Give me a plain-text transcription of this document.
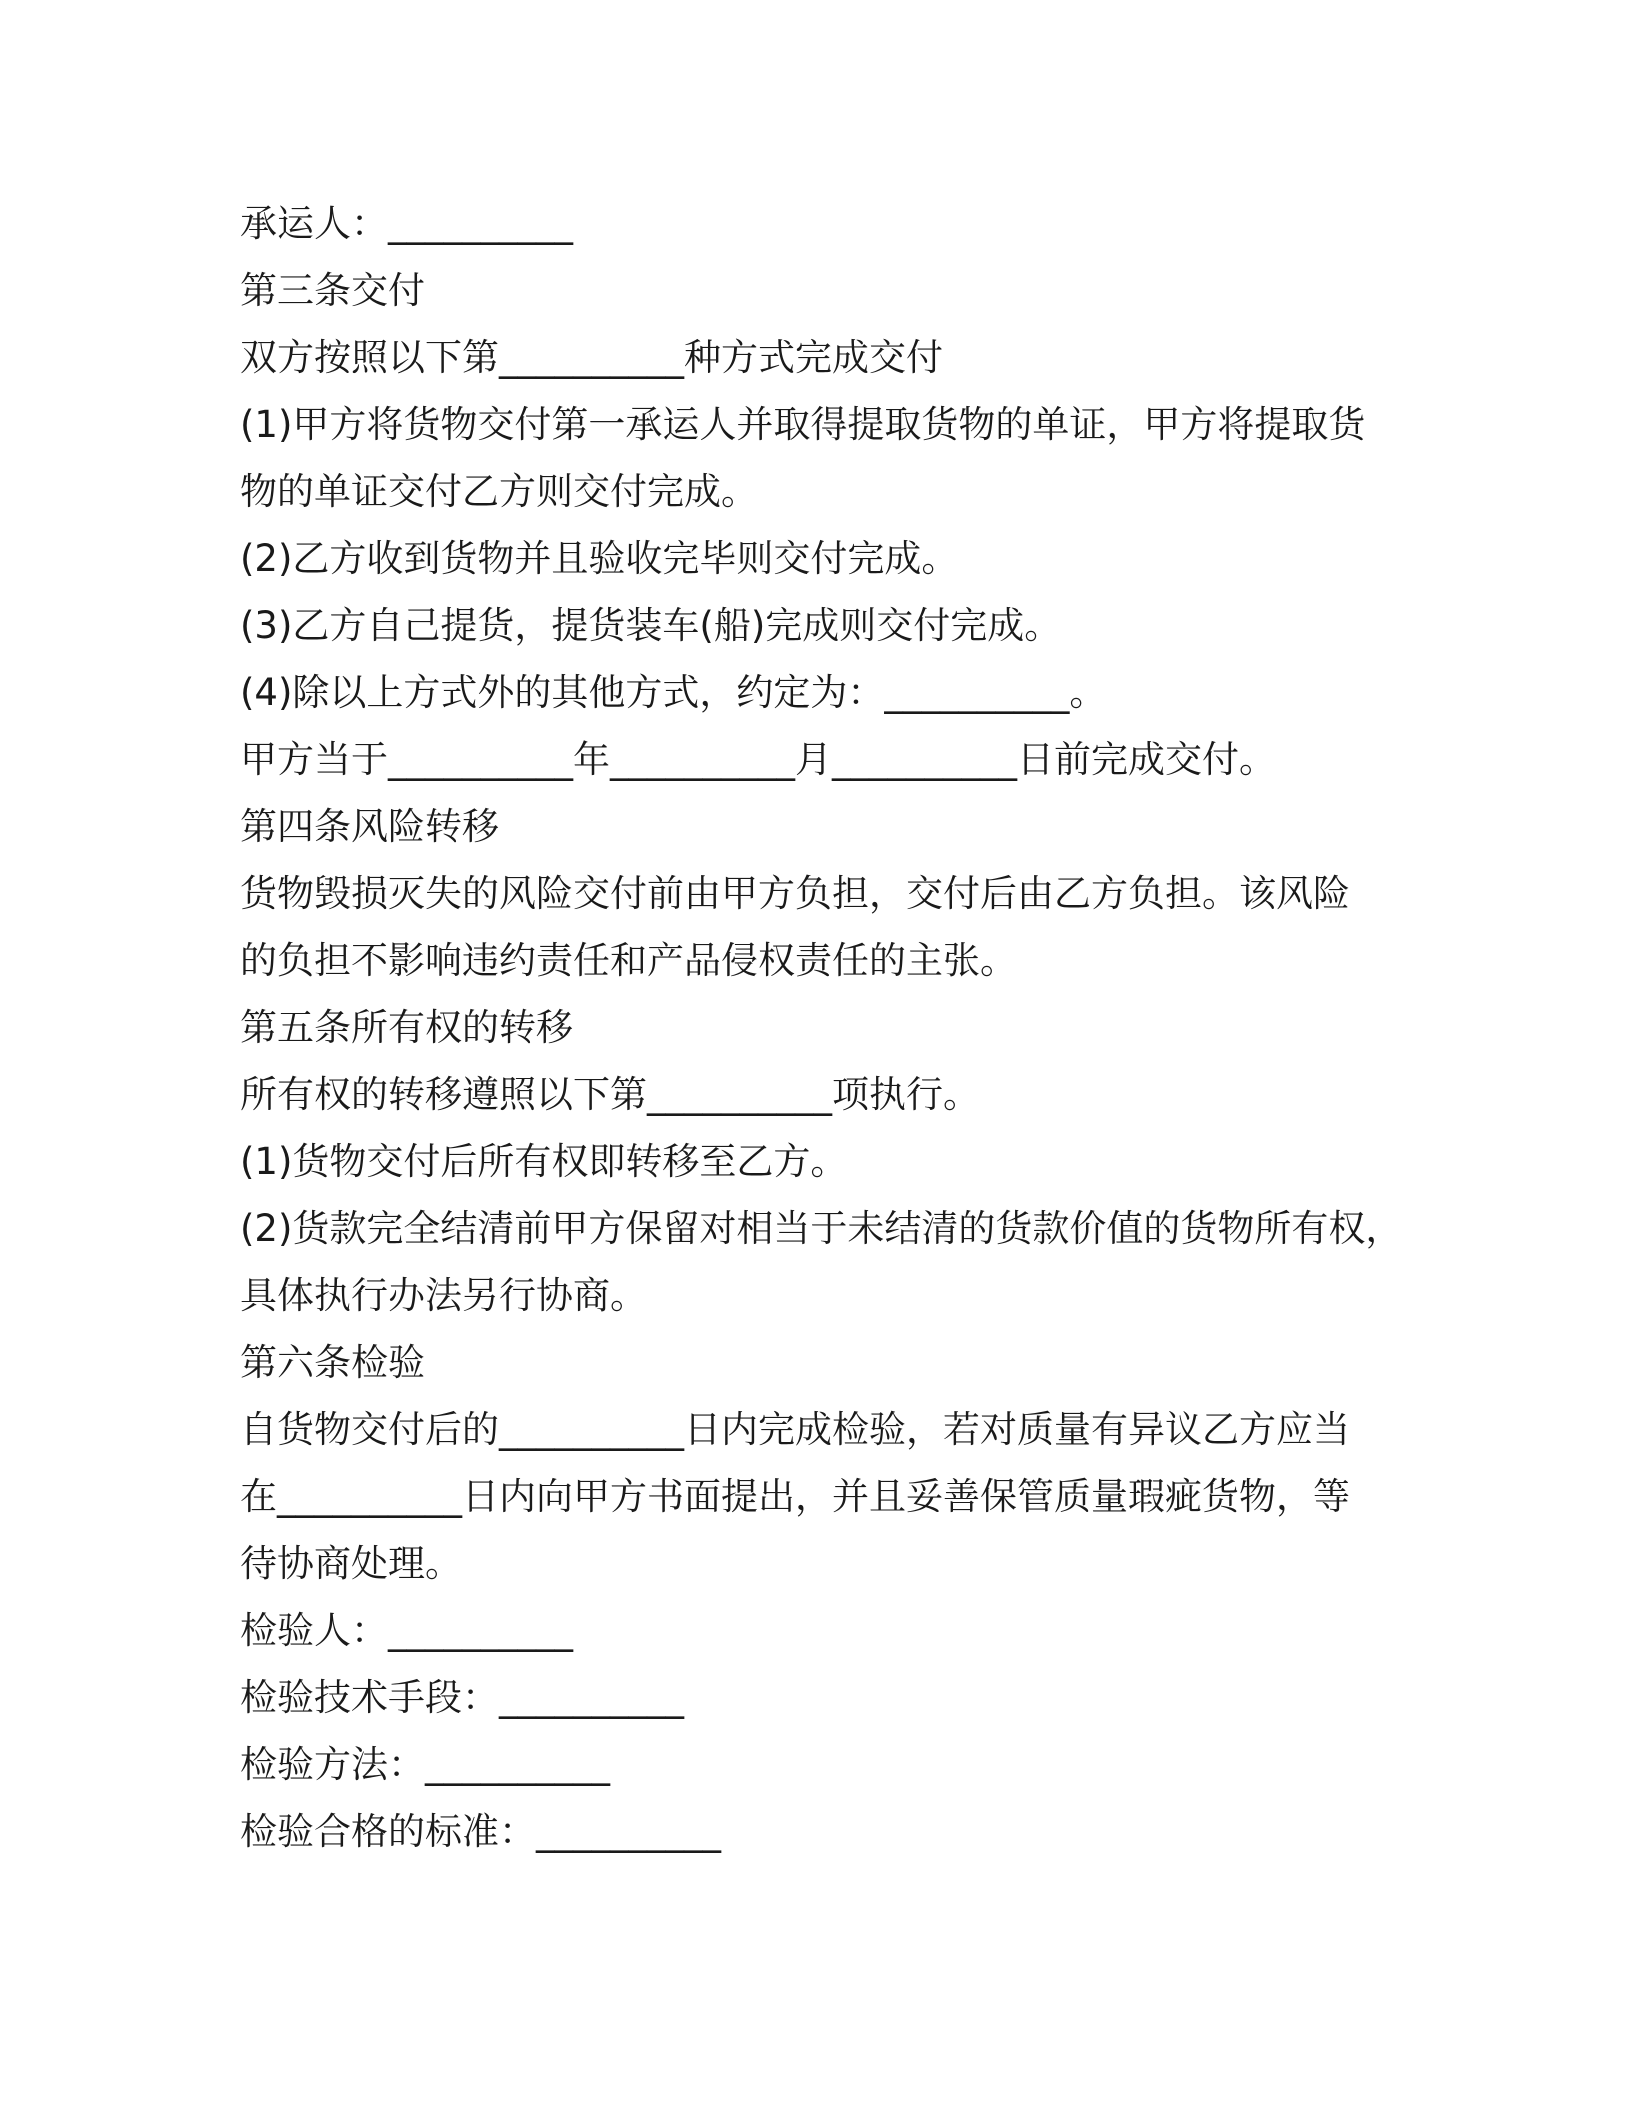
承运人：__________
第三条交付
双方按照以下第__________种方式完成交付
(1)甲方将货物交付第一承运人并取得提取货物的单证，甲方将提取货
物的单证交付乙方则交付完成。
(2)乙方收到货物并且验收完毕则交付完成。
(3)乙方自己提货，提货装车(船)完成则交付完成。
(4)除以上方式外的其他方式，约定为：__________。
甲方当于__________年__________月__________日前完成交付。
第四条风险转移
货物毁损灭失的风险交付前由甲方负担，交付后由乙方负担。该风险
的负担不影响违约责任和产品侵权责任的主张。
第五条所有权的转移
所有权的转移遵照以下第__________项执行。
(1)货物交付后所有权即转移至乙方。
(2)货款完全结清前甲方保留对相当于未结清的货款价值的货物所有权，
具体执行办法另行协商。
第六条检验
自货物交付后的__________日内完成检验，若对质量有异议乙方应当
在__________日内向甲方书面提出，并且妥善保管质量瑕疵货物，等
待协商处理。
检验人：__________
检验技术手段：__________
检验方法：__________
检验合格的标准：__________
